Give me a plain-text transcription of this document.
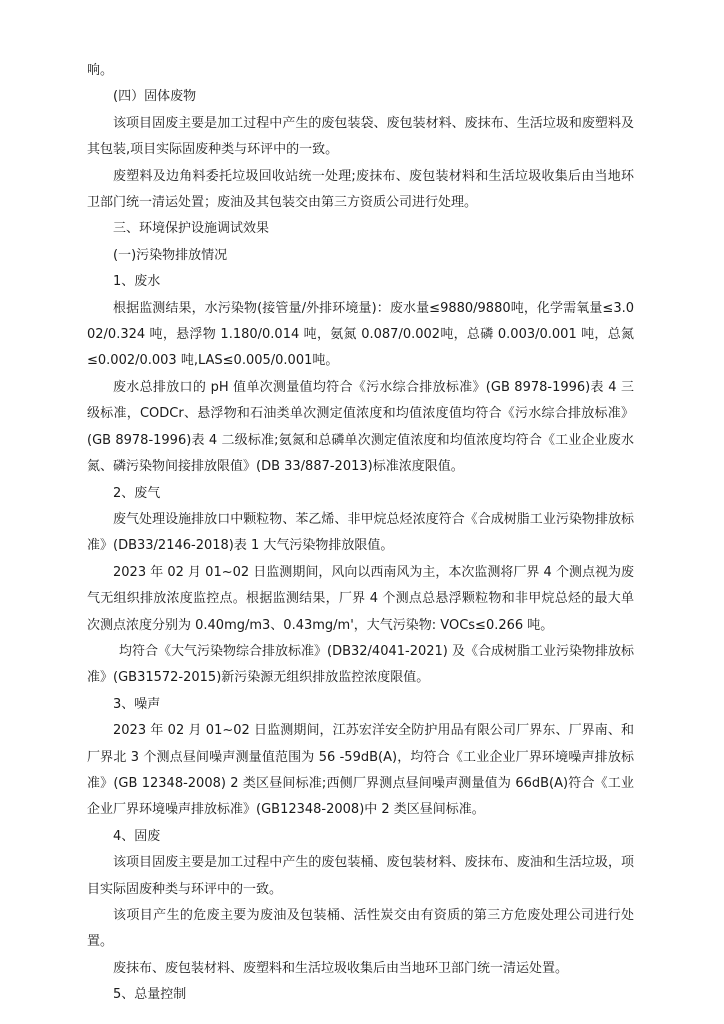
响。

(四）固体废物

该项目固废主要是加工过程中产生的废包装袋、废包装材料、废抹布、生活垃圾和废塑料及其包装,项目实际固废种类与环评中的一致。

废塑料及边角料委托垃圾回收站统一处理;废抹布、废包装材料和生活垃圾收集后由当地环卫部门统一清运处置；废油及其包装交由第三方资质公司进行处理。

三、环境保护设施调试效果

(一)污染物排放情况

1、废水

根据监测结果，水污染物(接管量/外排环境量)：废水量≤9880/9880吨，化学需氧量≤3.002/0.324 吨，悬浮物 1.180/0.014 吨，氨氮 0.087/0.002吨，总磷 0.003/0.001 吨，总氮≤0.002/0.003 吨,LAS≤0.005/0.001吨。

废水总排放口的 pH 值单次测量值均符合《污水综合排放标准》(GB 8978-1996)表 4 三级标准，CODCr、悬浮物和石油类单次测定值浓度和均值浓度值均符合《污水综合排放标准》(GB 8978-1996)表 4 二级标准;氨氮和总磷单次测定值浓度和均值浓度均符合《工业企业废水氮、磷污染物间接排放限值》(DB 33/887-2013)标准浓度限值。

2、废气

废气处理设施排放口中颗粒物、苯乙烯、非甲烷总烃浓度符合《合成树脂工业污染物排放标准》(DB33/2146-2018)表 1 大气污染物排放限值。

2023 年 02 月 01~02 日监测期间，风向以西南风为主，本次监测将厂界 4 个测点视为废气无组织排放浓度监控点。根据监测结果，厂界 4 个测点总悬浮颗粒物和非甲烷总烃的最大单次测点浓度分别为 0.40mg/m3、0.43mg/m'，大气污染物: VOCs≤0.266 吨。

均符合《大气污染物综合排放标准》(DB32/4041-2021) 及《合成树脂工业污染物排放标准》(GB31572-2015)新污染源无组织排放监控浓度限值。

3、噪声

2023 年 02 月 01~02 日监测期间，江苏宏洋安全防护用品有限公司厂界东、厂界南、和厂界北 3 个测点昼间噪声测量值范围为 56 -59dB(A)，均符合《工业企业厂界环境噪声排放标准》(GB 12348-2008) 2 类区昼间标准;西侧厂界测点昼间噪声测量值为 66dB(A)符合《工业企业厂界环境噪声排放标准》(GB12348-2008)中 2 类区昼间标准。

4、固废

该项目固废主要是加工过程中产生的废包装桶、废包装材料、废抹布、废油和生活垃圾，项目实际固废种类与环评中的一致。

该项目产生的危废主要为废油及包装桶、活性炭交由有资质的第三方危废处理公司进行处置。

废抹布、废包装材料、废塑料和生活垃圾收集后由当地环卫部门统一清运处置。

5、总量控制
